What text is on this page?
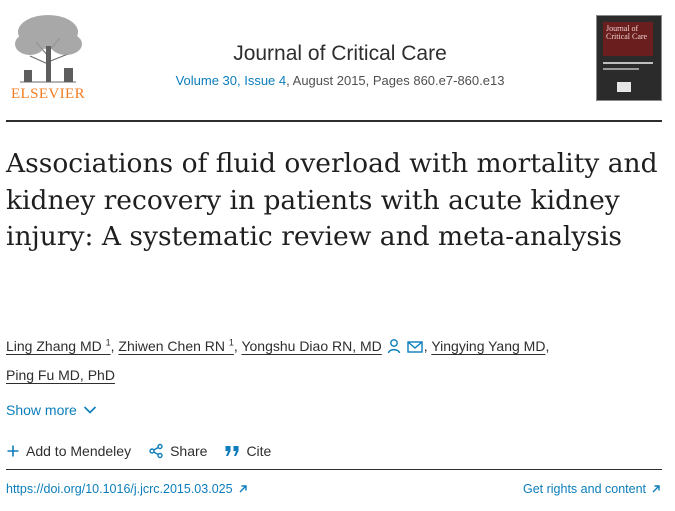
ELSEVIER
Journal of Critical Care
Volume 30, Issue 4, August 2015, Pages 860.e7-860.e13
Journal of Critical Care
Associations of fluid overload with mortality and kidney recovery in patients with acute kidney injury: A systematic review and meta-analysis
Ling Zhang MD $^1$, Zhiwen Chen RN $^1$, Yongshu Diao RN, MD	, Yingying Yang MD,
Ping Fu MD, PhD
Show more
Add to Mendeley	Share	Cite
https://doi.org/10.1016/j.jcrc.2015.03.025	Get rights and content
